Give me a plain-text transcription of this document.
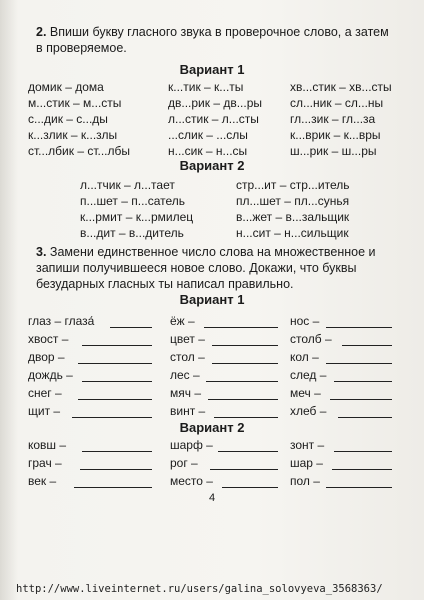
2. Впиши букву гласного звука в проверочное слово, а затем в проверяемое.

Вариант 1
домик – дома
м...стик – м...сты
с...дик – с...ды
к...злик – к...злы
ст...лбик – ст...лбы
к...тик – к...ты
дв...рик – дв...ры
л...стик – л...сты
...слик – ...слы
н...сик – н...сы
хв...стик – хв...сты
сл...ник – сл...ны
гл...зик – гл...за
к...врик – к...вры
ш...рик – ш...ры
Вариант 2
л...тчик – л...тает
п...шет – п...сатель
к...рмит – к...рмилец
в...дит – в...дитель
стр...ит – стр...итель
пл...шет – пл...сунья
в...жет – в...зальщик
н...сит – н...сильщик

3. Замени единственное число слова на множественное и запиши получившееся новое слово. Докажи, что буквы безударных гласных ты написал правильно.

Вариант 1
глаз – глаза́
хвост –
двор –
дождь –
снег –
щит –
ёж –
цвет –
стол –
лес –
мяч –
винт –
нос –
столб –
кол –
след –
меч –
хлеб –
Вариант 2
ковш –
грач –
век –
шарф –
рог –
место –
зонт –
шар –
пол –
4
http://www.liveinternet.ru/users/galina_solovyeva_3568363/
